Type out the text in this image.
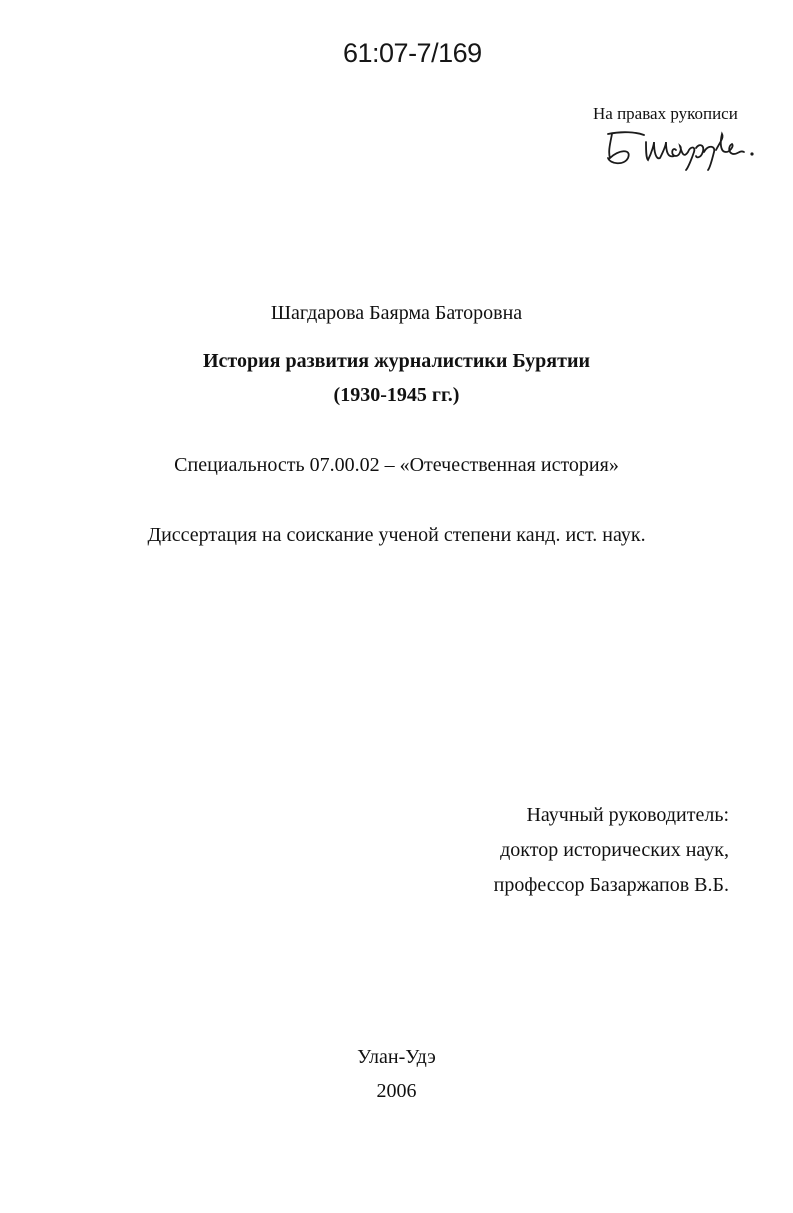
61:07-7/169
На правах рукописи
Шагдарова Баярма Баторовна
История развития журналистики Бурятии
(1930-1945 гг.)
Специальность 07.00.02 – «Отечественная история»
Диссертация на соискание ученой степени канд. ист. наук.
Научный руководитель:
доктор исторических наук,
профессор Базаржапов В.Б.
Улан-Удэ
2006
